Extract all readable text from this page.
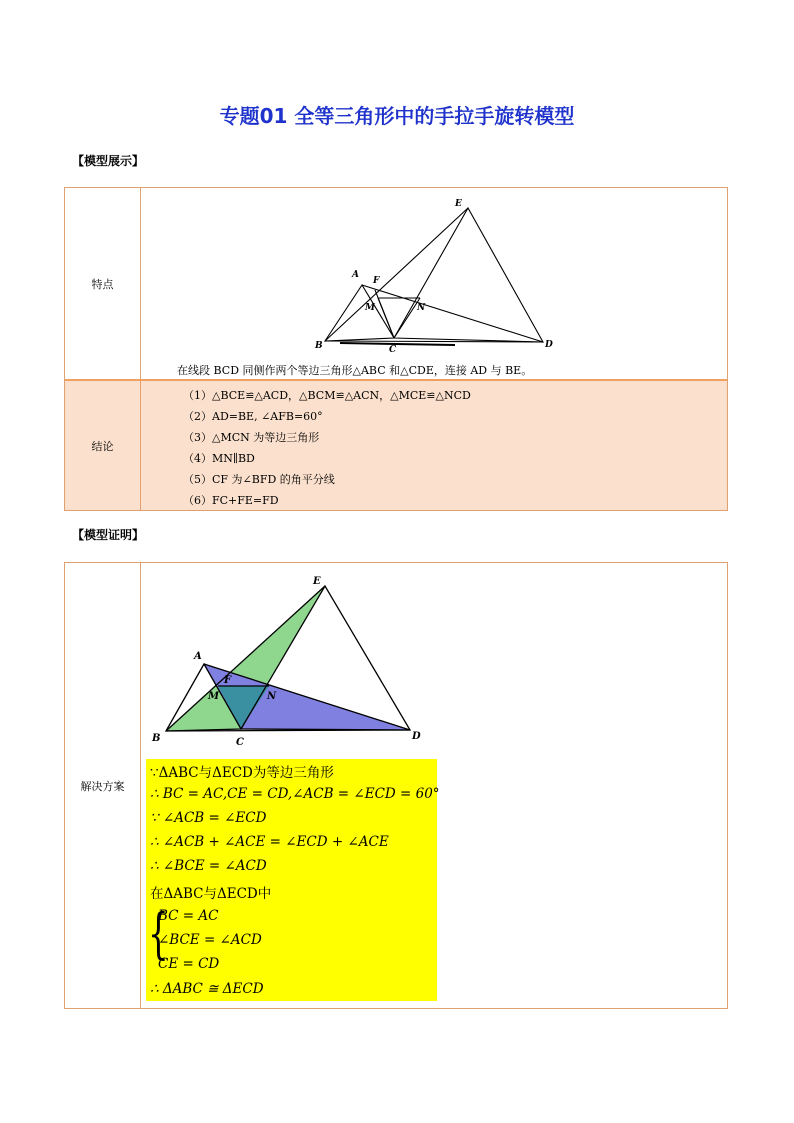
专题01 全等三角形中的手拉手旋转模型
【模型展示】
特点
E
A
F
M	N
B	C	D
在线段 BCD 同侧作两个等边三角形△ABC 和△CDE，连接 AD 与 BE。
结论
（1）△BCE≌△ACD，△BCM≌△ACN，△MCE≌△NCD
（2）AD=BE, ∠AFB=60°
（3）△MCN 为等边三角形
（4）MN∥BD
（5）CF 为∠BFD 的角平分线
（6）FC+FE=FD
【模型证明】
解决方案
E
A
F
M	N
B	C
D
∵ΔABC与ΔECD为等边三角形
∴ BC = AC,CE = CD,∠ACB = ∠ECD = 60°
∵ ∠ACB = ∠ECD
∴ ∠ACB + ∠ACE = ∠ECD + ∠ACE
∴ ∠BCE = ∠ACD
在ΔABC与ΔECD中
{
BC = AC
∠BCE = ∠ACD
CE = CD
∴ ΔABC ≅ ΔECD
